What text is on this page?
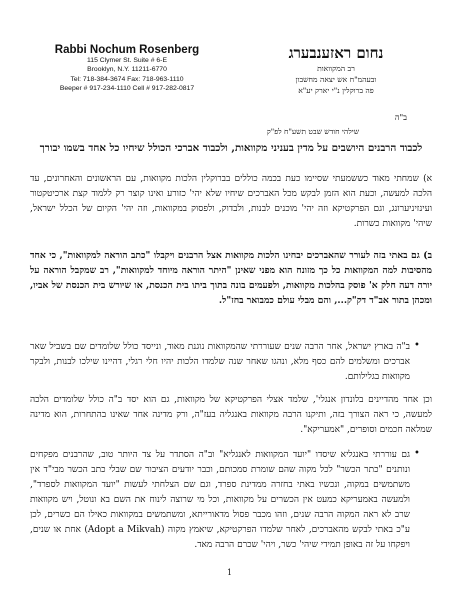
Rabbi Nochum Rosenberg
115 Clymer St. Suite # 6-E
Brooklyn, N.Y. 11211-6770
Tel: 718-384-3674 Fax: 718-963-1110
Beeper # 917-234-1110 Cell # 917-282-0817
נחום ראזענבערג
רב המקוואות
ובעהמ"ח אש יצאה מחשבון
פה ברוקלין נ"י יארק יע"א
ב"ה
שילהי חודש שבט תשע"ח לפ"ק
לכבוד הרבנים היושבים על מדין בעניני מקוואות, ולכבוד אברכי הכולל שיחיו כל אחד בשמו יבורך
א) שמחתי מאוד כששמעתי שסיימו כעת בכמה כוללים בברוקלין הלכות מקוואות, עם הראשונים והאחרונים, עד הלכה למעשה, וכעת הוא הזמן לבקש מכל האברכים שיחיו שלא יהי' כזורע ואינו קוצר רק ללמוד קצת ארכיטקטור ועינזיניערונג, וגם הפרקטיקא וזה יהי' מוכנים לבנות, ולבדוק, ולפסוק במקוואות, וזה יהי' הקיום של הכלל ישראל, שיהי' מקוואות כשרות.
ב) גם באתי בזה לעורר שהאברכים יבחינו הלכות מקוואות אצל הרבנים ויקבלו "כתב הוראה למקוואות", כי אחד מהסיבות למה המקוואות כל כך מזונח הוא מפני שאינן "היתר הוראה מיוחד למקוואות", רב שמקבל הוראה על יורה דעה חלק א' פוסק בהלכות מקוואות, ולפעמים בונה בתוך ביתו בית הכנסת, או שיורש בית הכנסת של אביו, ומכהן בתור אב"ד דק"ק..., והם מבלי עולם כמבואר בחז"ל.
•
ב"ה בארץ ישראל, אחר הרבה שנים שעוררתי שהמקוואות נוגנת מאוד, ונייסד כולל שלומדים שם בשביל שאר אברכים ומשלמים להם כסף מלא, ונהגו שאחר שנה שלמדו הלכות יהיו חלי רגלי, דהיינו שילכו לבנות, ולבקר מקוואות בגלילותם.
וכן אחד מהדיינים בלונדון אנגלי', שלמד אצלי הפרקטיקא של מקוואות, גם הוא יסד ב"ה כולל שלומדים הלכה למעשה, כי ראה הצורך בזה, ותיקנו הרבה מקוואות באנגליה בעז"ה, ורק מדינה אחד שאינו בהתחרות, הוא מדינה שמלאה חכמים וסופרים, "אמעריקא".
•
גם עוררתי באנגליא שיסדו "יועד המקוואות לאנגליא" וב"ה הסתדר על צד היותר טוב, שהרבנים מפקחים ונותנים "כתר הכשר" לכל מקוה שהם שומרת סמכותם, וכבר יודעים הציבור שם שבלי כתב הכשר מבי"ד אין משתמשים במקוה, ונכשיו באתי בחזרה ממדינת ספרד, וגם שם הצלחתי לעשות "יועד המקוואות לספרד", ולמעשה באמעריקא כמעט אין הכשרים על מקוואות, וכל מי שרוצה לינוח את השם בא ונוטל, ויש מקוואות שרב לא ראה המקוה הרבה שנים, וזהו מכבר פסול מדאורייתא, ומשתמשים במקוואות כאילו הם כשרים, לכן ע"כ באתי לבקש מהאברכים, לאחר שלמדו הפרקטיקא, שיאמץ מקוה (Adopt a Mikvah) אחת או שנים, ויפקחו על זה באופן תמידי שיהי' כשר, ויהי' שכרם הרבה מאד.
1
